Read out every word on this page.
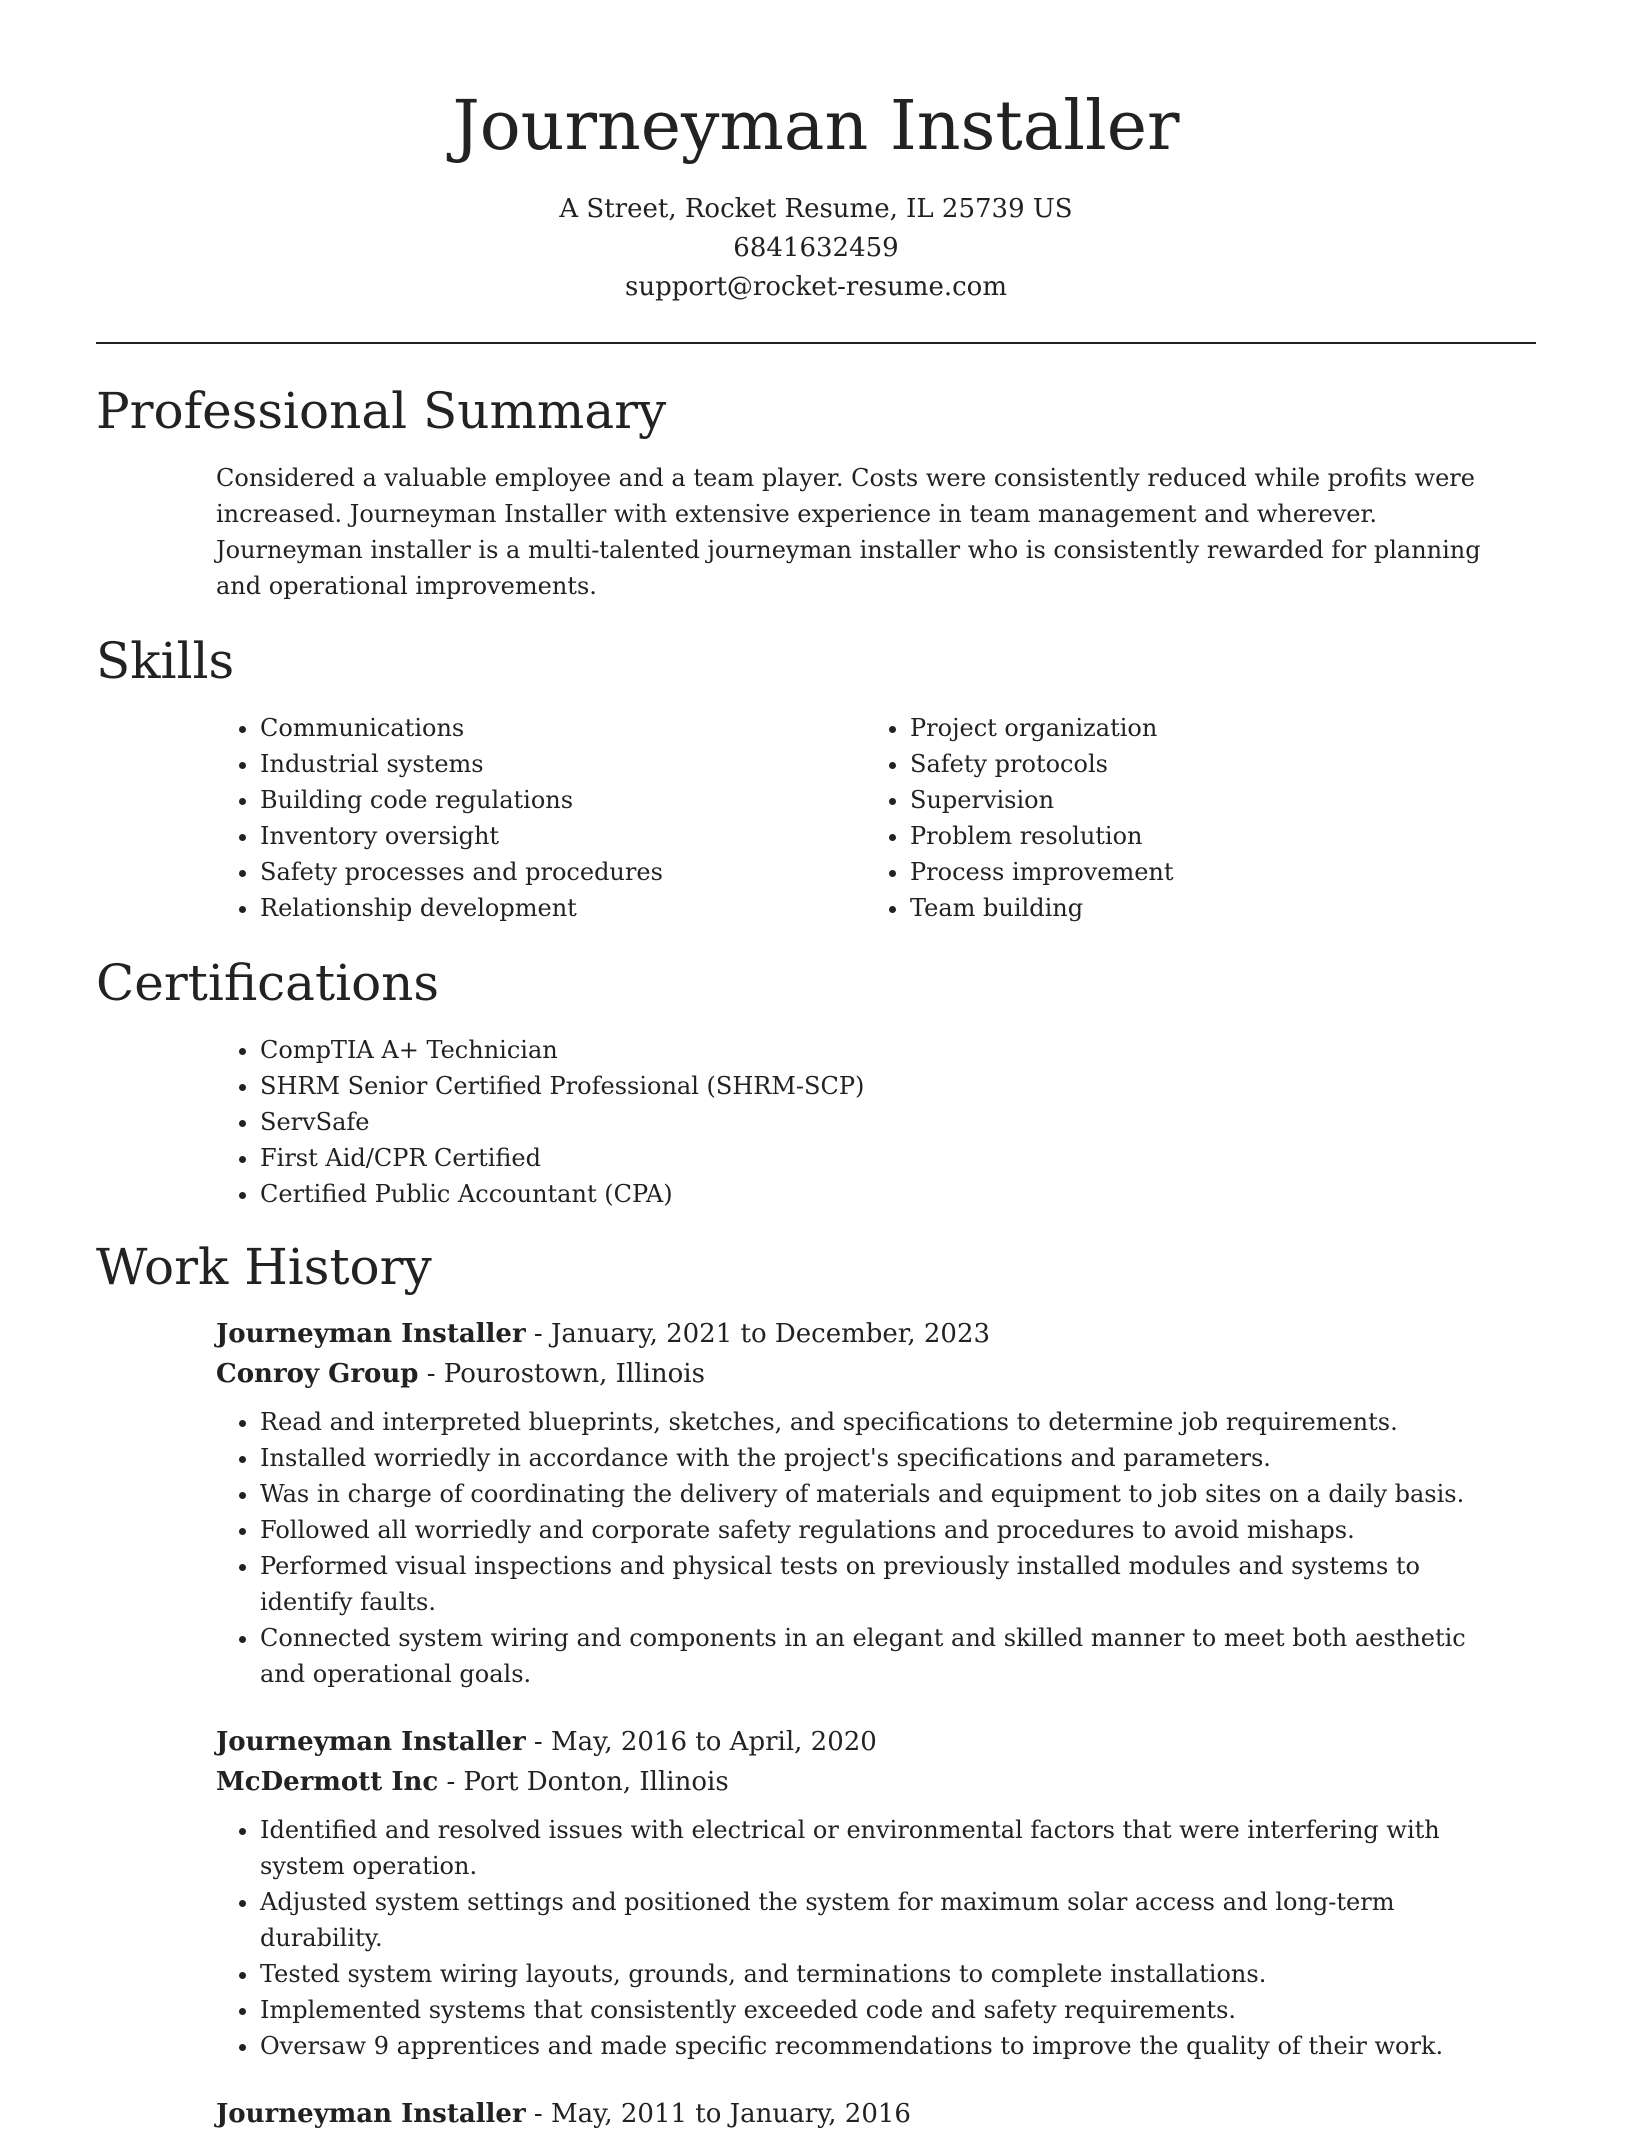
Journeyman Installer
A Street, Rocket Resume, IL 25739 US
6841632459
support@rocket-resume.com
Professional Summary

Considered a valuable employee and a team player. Costs were consistently reduced while profits were increased. Journeyman Installer with extensive experience in team management and wherever. Journeyman installer is a multi-talented journeyman installer who is consistently rewarded for planning and operational improvements.

Skills
• Communications
• Industrial systems
• Building code regulations
• Inventory oversight
• Safety processes and procedures
• Relationship development
• Project organization
• Safety protocols
• Supervision
• Problem resolution
• Process improvement
• Team building
Certifications
• CompTIA A+ Technician
• SHRM Senior Certified Professional (SHRM-SCP)
• ServSafe
• First Aid/CPR Certified
• Certified Public Accountant (CPA)
Work History
Journeyman Installer - January, 2021 to December, 2023
Conroy Group - Pourostown, Illinois
• Read and interpreted blueprints, sketches, and specifications to determine job requirements.
• Installed worriedly in accordance with the project's specifications and parameters.
• Was in charge of coordinating the delivery of materials and equipment to job sites on a daily basis.
• Followed all worriedly and corporate safety regulations and procedures to avoid mishaps.
• Performed visual inspections and physical tests on previously installed modules and systems to identify faults.
• Connected system wiring and components in an elegant and skilled manner to meet both aesthetic and operational goals.
Journeyman Installer - May, 2016 to April, 2020
McDermott Inc - Port Donton, Illinois
• Identified and resolved issues with electrical or environmental factors that were interfering with system operation.
• Adjusted system settings and positioned the system for maximum solar access and long-term durability.
• Tested system wiring layouts, grounds, and terminations to complete installations.
• Implemented systems that consistently exceeded code and safety requirements.
• Oversaw 9 apprentices and made specific recommendations to improve the quality of their work.
Journeyman Installer - May, 2011 to January, 2016
